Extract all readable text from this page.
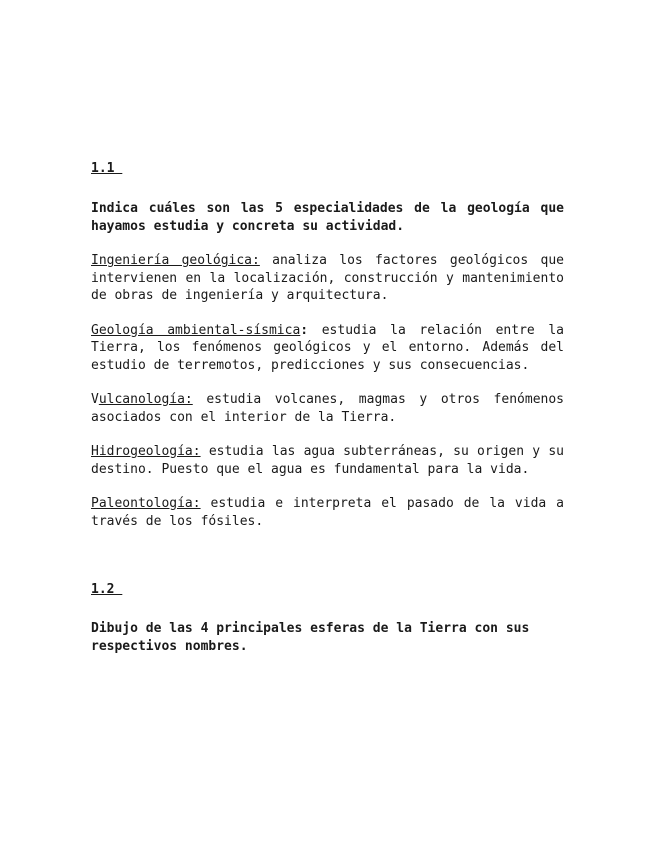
1.1

Indica cuáles son las 5 especialidades de la geología que hayamos estudia y concreta su actividad.

Ingeniería geológica: analiza los factores geológicos que intervienen en la localización, construcción y mantenimiento de obras de ingeniería y arquitectura.

Geología ambiental-sísmica: estudia la relación entre la Tierra, los fenómenos geológicos y el entorno. Además del estudio de terremotos, predicciones y sus consecuencias.

Vulcanología: estudia volcanes, magmas y otros fenómenos asociados con el interior de la Tierra.

Hidrogeología: estudia las agua subterráneas, su origen y su destino. Puesto que el agua es fundamental para la vida.

Paleontología: estudia e interpreta el pasado de la vida a través de los fósiles.

1.2

Dibujo de las 4 principales esferas de la Tierra con sus respectivos nombres.
